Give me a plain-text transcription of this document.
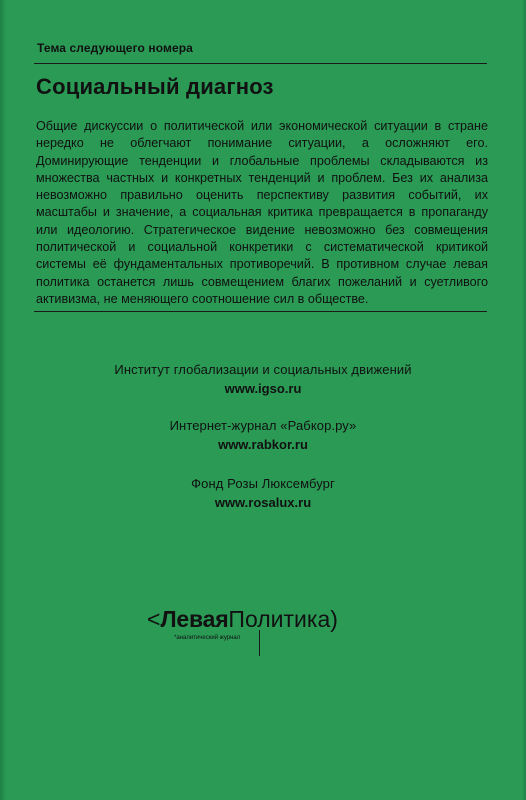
Тема следующего номера
Социальный диагноз

Общие дискуссии о политической или экономической ситуации в стране нередко не облегчают понимание ситуации, а осложняют его. Доминирующие тенденции и глобальные проблемы складываются из множества частных и конкретных тенденций и проблем. Без их анализа невозможно правильно оценить перспективу развития событий, их масштабы и значение, а социальная критика превращается в пропаганду или идеологию. Стратегическое видение невозможно без совмещения политической и социальной конкретики с систематической критикой системы её фундаментальных противоречий. В противном случае левая политика останется лишь совмещением благих пожеланий и суетливого активизма, не меняющего соотношение сил в обществе.

Институт глобализации и социальных движений
www.igso.ru
Интернет-журнал «Рабкор.ру»
www.rabkor.ru
Фонд Розы Люксембург
www.rosalux.ru
<ЛеваяПолитика)
*аналитический журнал
